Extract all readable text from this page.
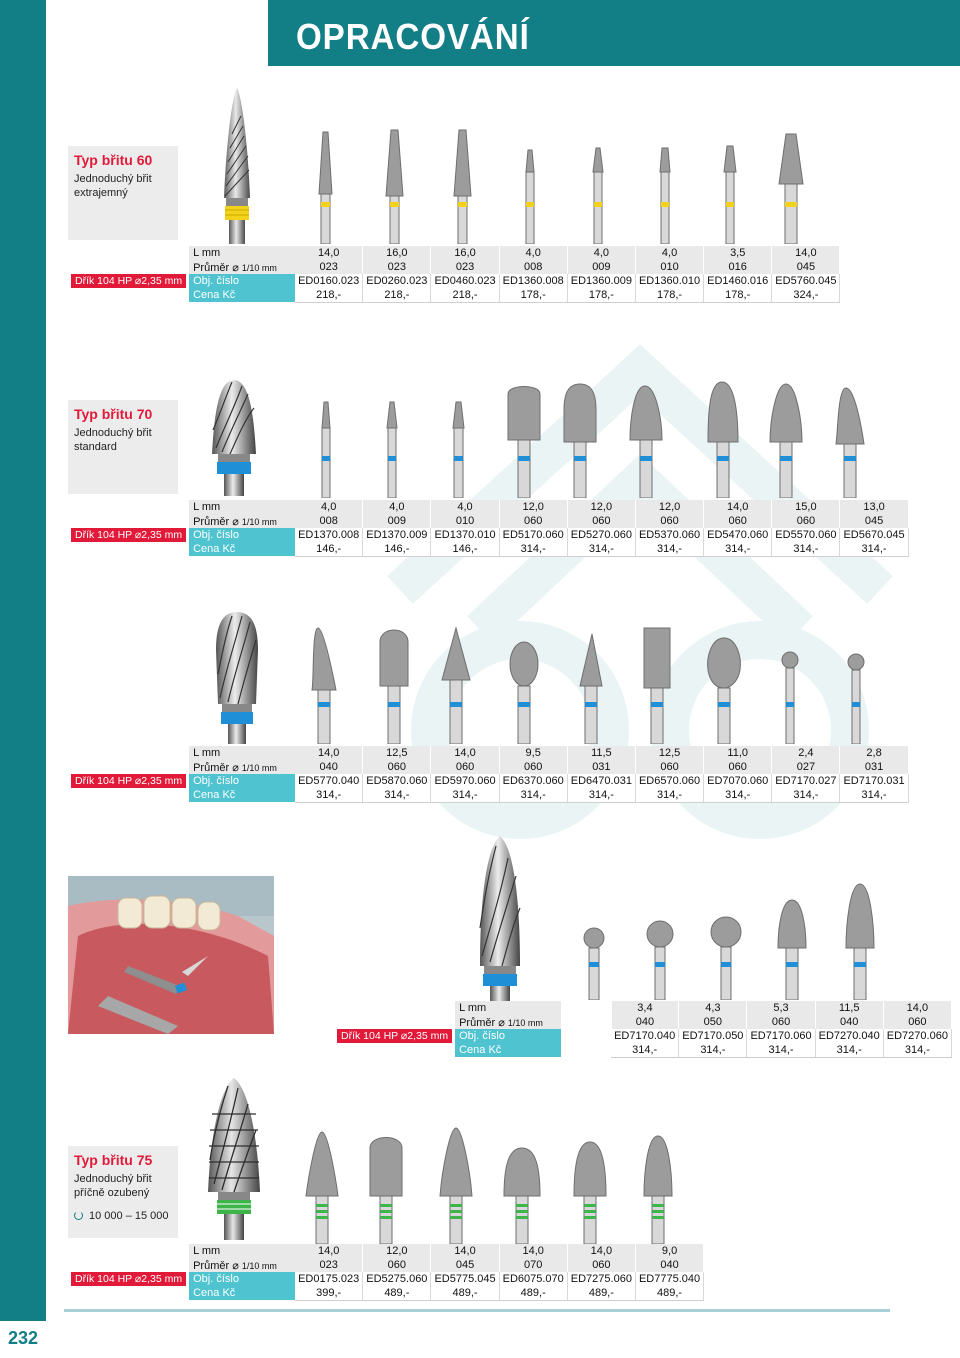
OPRACOVÁNÍ
Typ břitu 60
Jednoduchý břit
extrajemný
	L mm	14,0	16,0	16,0	4,0	4,0	4,0	3,5	14,0
	Průměr ⌀ 1/10 mm	023	023	023	008	009	010	016	045

Dřík 104 HP ⌀2,35 mm	Obj. číslo	ED0160.023	ED0260.023	ED0460.023	ED1360.008	ED1360.009	ED1360.010	ED1460.016	ED5760.045
	Cena Kč	218,-	218,-	218,-	178,-	178,-	178,-	178,-	324,-
Typ břitu 70
Jednoduchý břit
standard
	L mm	4,0	4,0	4,0	12,0	12,0	12,0	14,0	15,0	13,0
	Průměr ⌀ 1/10 mm	008	009	010	060	060	060	060	060	045

Dřík 104 HP ⌀2,35 mm	Obj. číslo	ED1370.008	ED1370.009	ED1370.010	ED5170.060	ED5270.060	ED5370.060	ED5470.060	ED5570.060	ED5670.045
	Cena Kč	146,-	146,-	146,-	314,-	314,-	314,-	314,-	314,-	314,-
	L mm	14,0	12,5	14,0	9,5	11,5	12,5	11,0	2,4	2,8
	Průměr ⌀ 1/10 mm	040	060	060	060	031	060	060	027	031

Dřík 104 HP ⌀2,35 mm	Obj. číslo	ED5770.040	ED5870.060	ED5970.060	ED6370.060	ED6470.031	ED6570.060	ED7070.060	ED7170.027	ED7170.031
	Cena Kč	314,-	314,-	314,-	314,-	314,-	314,-	314,-	314,-	314,-
	L mm		3,4	4,3	5,3	11,5	14,0
	Průměr ⌀ 1/10 mm		040	050	060	040	060

Dřík 104 HP ⌀2,35 mm	Obj. číslo		ED7170.040	ED7170.050	ED7170.060	ED7270.040	ED7270.060
	Cena Kč		314,-	314,-	314,-	314,-	314,-
Typ břitu 75
Jednoduchý břit
příčně ozubený
10 000 – 15 000
	L mm	14,0	12,0	14,0	14,0	14,0	9,0
	Průměr ⌀ 1/10 mm	023	060	045	070	060	040

Dřík 104 HP ⌀2,35 mm	Obj. číslo	ED0175.023	ED5275.060	ED5775.045	ED6075.070	ED7275.060	ED7775.040
	Cena Kč	399,-	489,-	489,-	489,-	489,-	489,-
232
